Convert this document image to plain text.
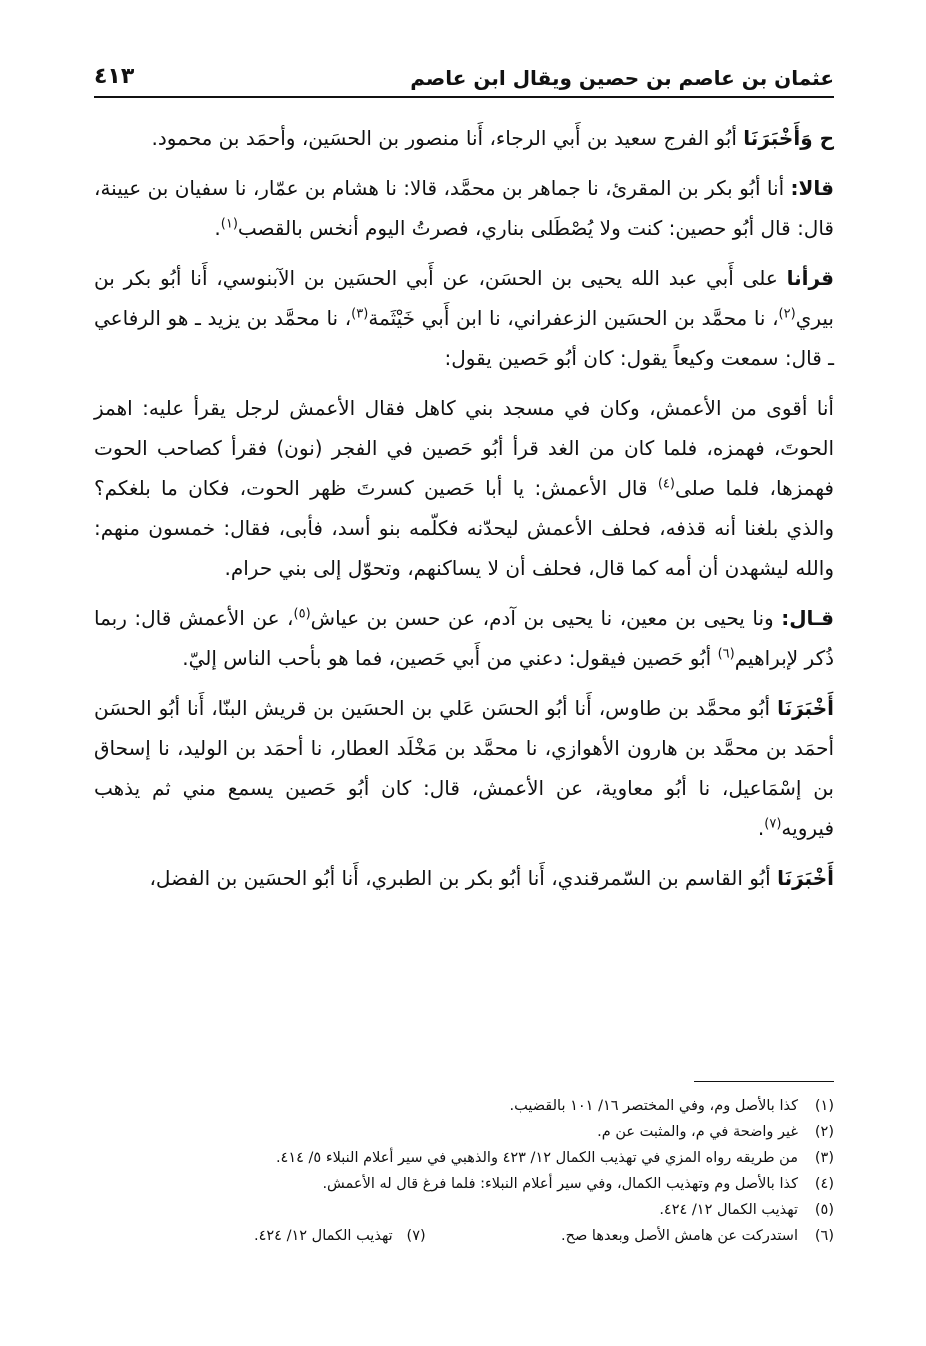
عثمان بن عاصم بن حصين ويقال ابن عاصم
٤١٣

ح وَأَخْبَرَنَا أبُو الفرج سعيد بن أَبي الرجاء، أَنا منصور بن الحسَين، وأحمَد بن محمود.

قالا: أنا أبُو بكر بن المقرئ، نا جماهر بن محمَّد، قالا: نا هشام بن عمّار، نا سفيان بن عيينة، قال: قال أبُو حصين: كنت ولا يُصْطَلى بناري، فصرتُ اليوم أنخس بالقصب$^{(١)}$.

قرأنا على أَبي عبد الله يحيى بن الحسَن، عن أَبي الحسَين بن الآبنوسي، أَنا أبُو بكر بن بيري$^{(٢)}$، نا محمَّد بن الحسَين الزعفراني، نا ابن أَبي خَيْثَمة$^{(٣)}$، نا محمَّد بن يزيد ـ هو الرفاعي ـ قال: سمعت وكيعاً يقول: كان أبُو حَصين يقول:

أنا أقوى من الأعمش، وكان في مسجد بني كاهل فقال الأعمش لرجل يقرأ عليه: اهمز الحوتَ، فهمزه، فلما كان من الغد قرأ أبُو حَصين في الفجر (نون) فقرأ كصاحب الحوت فهمزها، فلما صلى$^{(٤)}$ قال الأعمش: يا أبا حَصين كسرتَ ظهر الحوت، فكان ما بلغكم؟ والذي بلغنا أنه قذفه، فحلف الأعمش ليحدّنه فكلّمه بنو أسد، فأبى، فقال: خمسون منهم: والله ليشهدن أن أمه كما قال، فحلف أن لا يساكنهم، وتحوّل إلى بني حرام.

قـال: ونا يحيى بن معين، نا يحيى بن آدم، عن حسن بن عياش$^{(٥)}$، عن الأعمش قال: ربما ذُكر لإبراهيم$^{(٦)}$ أبُو حَصين فيقول: دعني من أَبي حَصين، فما هو بأحب الناس إليّ.

أَخْبَرَنَا أبُو محمَّد بن طاوس، أَنا أبُو الحسَن عَلي بن الحسَين بن قريش البنّا، أَنا أبُو الحسَن أحمَد بن محمَّد بن هارون الأهوازي، نا محمَّد بن مَخْلَد العطار، نا أحمَد بن الوليد، نا إسحاق بن إسْمَاعيل، نا أبُو معاوية، عن الأعمش، قال: كان أبُو حَصين يسمع مني ثم يذهب فيرويه$^{(٧)}$.

أَخْبَرَنَا أبُو القاسم بن السّمرقندي، أَنا أبُو بكر بن الطبري، أَنا أبُو الحسَين بن الفضل،

(١)كذا بالأصل وم، وفي المختصر ١٦/ ١٠١ بالقضيب.
(٢)غير واضحة في م، والمثبت عن م.
(٣)من طريقه رواه المزي في تهذيب الكمال ١٢/ ٤٢٣ والذهبي في سير أعلام النبلاء ٥/ ٤١٤.
(٤)كذا بالأصل وم وتهذيب الكمال، وفي سير أعلام النبلاء: فلما فرغ قال له الأعمش.
(٥)تهذيب الكمال ١٢/ ٤٢٤.
(٦)استدركت عن هامش الأصل وبعدها صح.
(٧)   تهذيب الكمال ١٢/ ٤٢٤.
